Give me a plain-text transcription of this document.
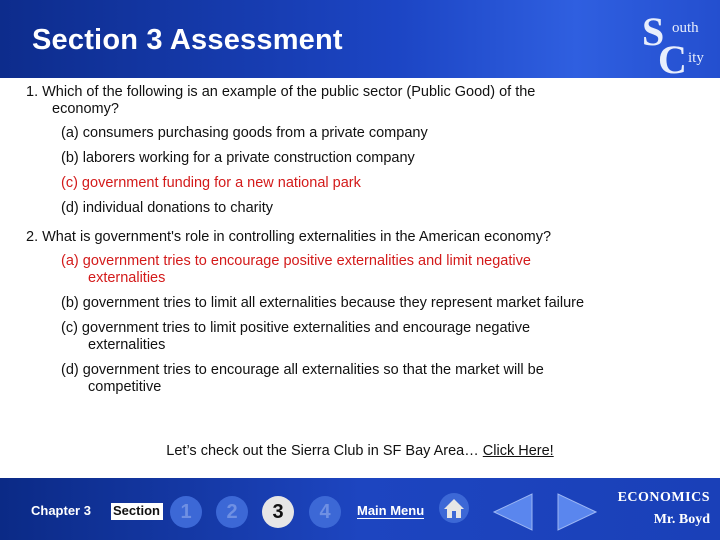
Section 3 Assessment	S outh
C ity
1. Which of the following is an example of the public sector (Public Good) of the
economy?
(a) consumers purchasing goods from a private company
(b) laborers working for a private construction company
(c) government funding for a new national park
(d) individual donations to charity
2. What is government's role in controlling externalities in the American economy?
(a) government tries to encourage positive externalities and limit negative
externalities
(b) government tries to limit all externalities because they represent market failure
(c) government tries to limit positive externalities and encourage negative
externalities
(d) government tries to encourage all externalities so that the market will be
competitive
Let’s check out the Sierra Club in SF Bay Area… Click Here!
Chapter 3 Section	1	2	3	4	Main Menu
ECONOMICS
Mr. Boyd
